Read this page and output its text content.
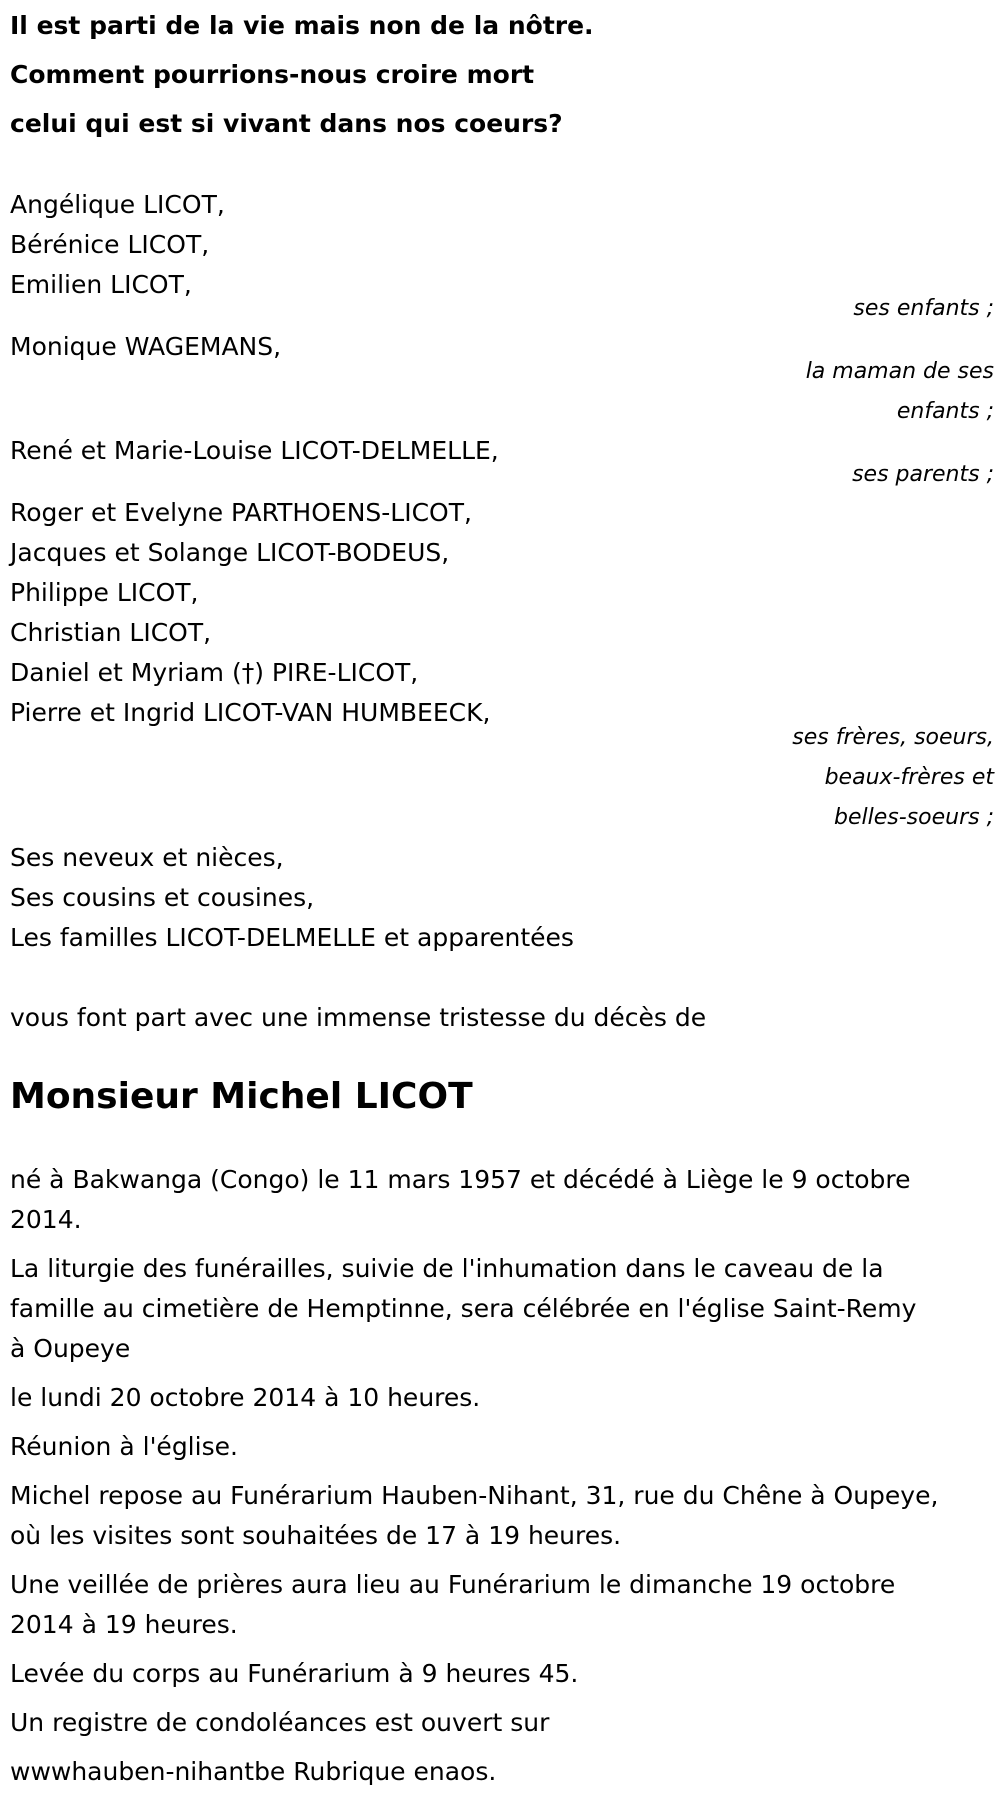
Il est parti de la vie mais non de la nôtre.

Comment pourrions-nous croire mort

celui qui est si vivant dans nos coeurs?

Angélique LICOT,

Bérénice LICOT,

Emilien LICOT,

ses enfants ;

Monique WAGEMANS,

la maman de ses

enfants ;

René et Marie-Louise LICOT-DELMELLE,

ses parents ;

Roger et Evelyne PARTHOENS-LICOT,

Jacques et Solange LICOT-BODEUS,

Philippe LICOT,

Christian LICOT,

Daniel et Myriam (†) PIRE-LICOT,

Pierre et Ingrid LICOT-VAN HUMBEECK,

ses frères, soeurs,

beaux-frères et

belles-soeurs ;

Ses neveux et nièces,

Ses cousins et cousines,

Les familles LICOT-DELMELLE et apparentées

vous font part avec une immense tristesse du décès de

Monsieur Michel LICOT

né à Bakwanga (Congo) le 11 mars 1957 et décédé à Liège le 9 octobre

2014.

La liturgie des funérailles, suivie de l'inhumation dans le caveau de la

famille au cimetière de Hemptinne, sera célébrée en l'église Saint-Remy

à Oupeye

le lundi 20 octobre 2014 à 10 heures.

Réunion à l'église.

Michel repose au Funérarium Hauben-Nihant, 31, rue du Chêne à Oupeye,

où les visites sont souhaitées de 17 à 19 heures.

Une veillée de prières aura lieu au Funérarium le dimanche 19 octobre

2014 à 19 heures.

Levée du corps au Funérarium à 9 heures 45.

Un registre de condoléances est ouvert sur

wwwhauben-nihantbe Rubrique enaos.
